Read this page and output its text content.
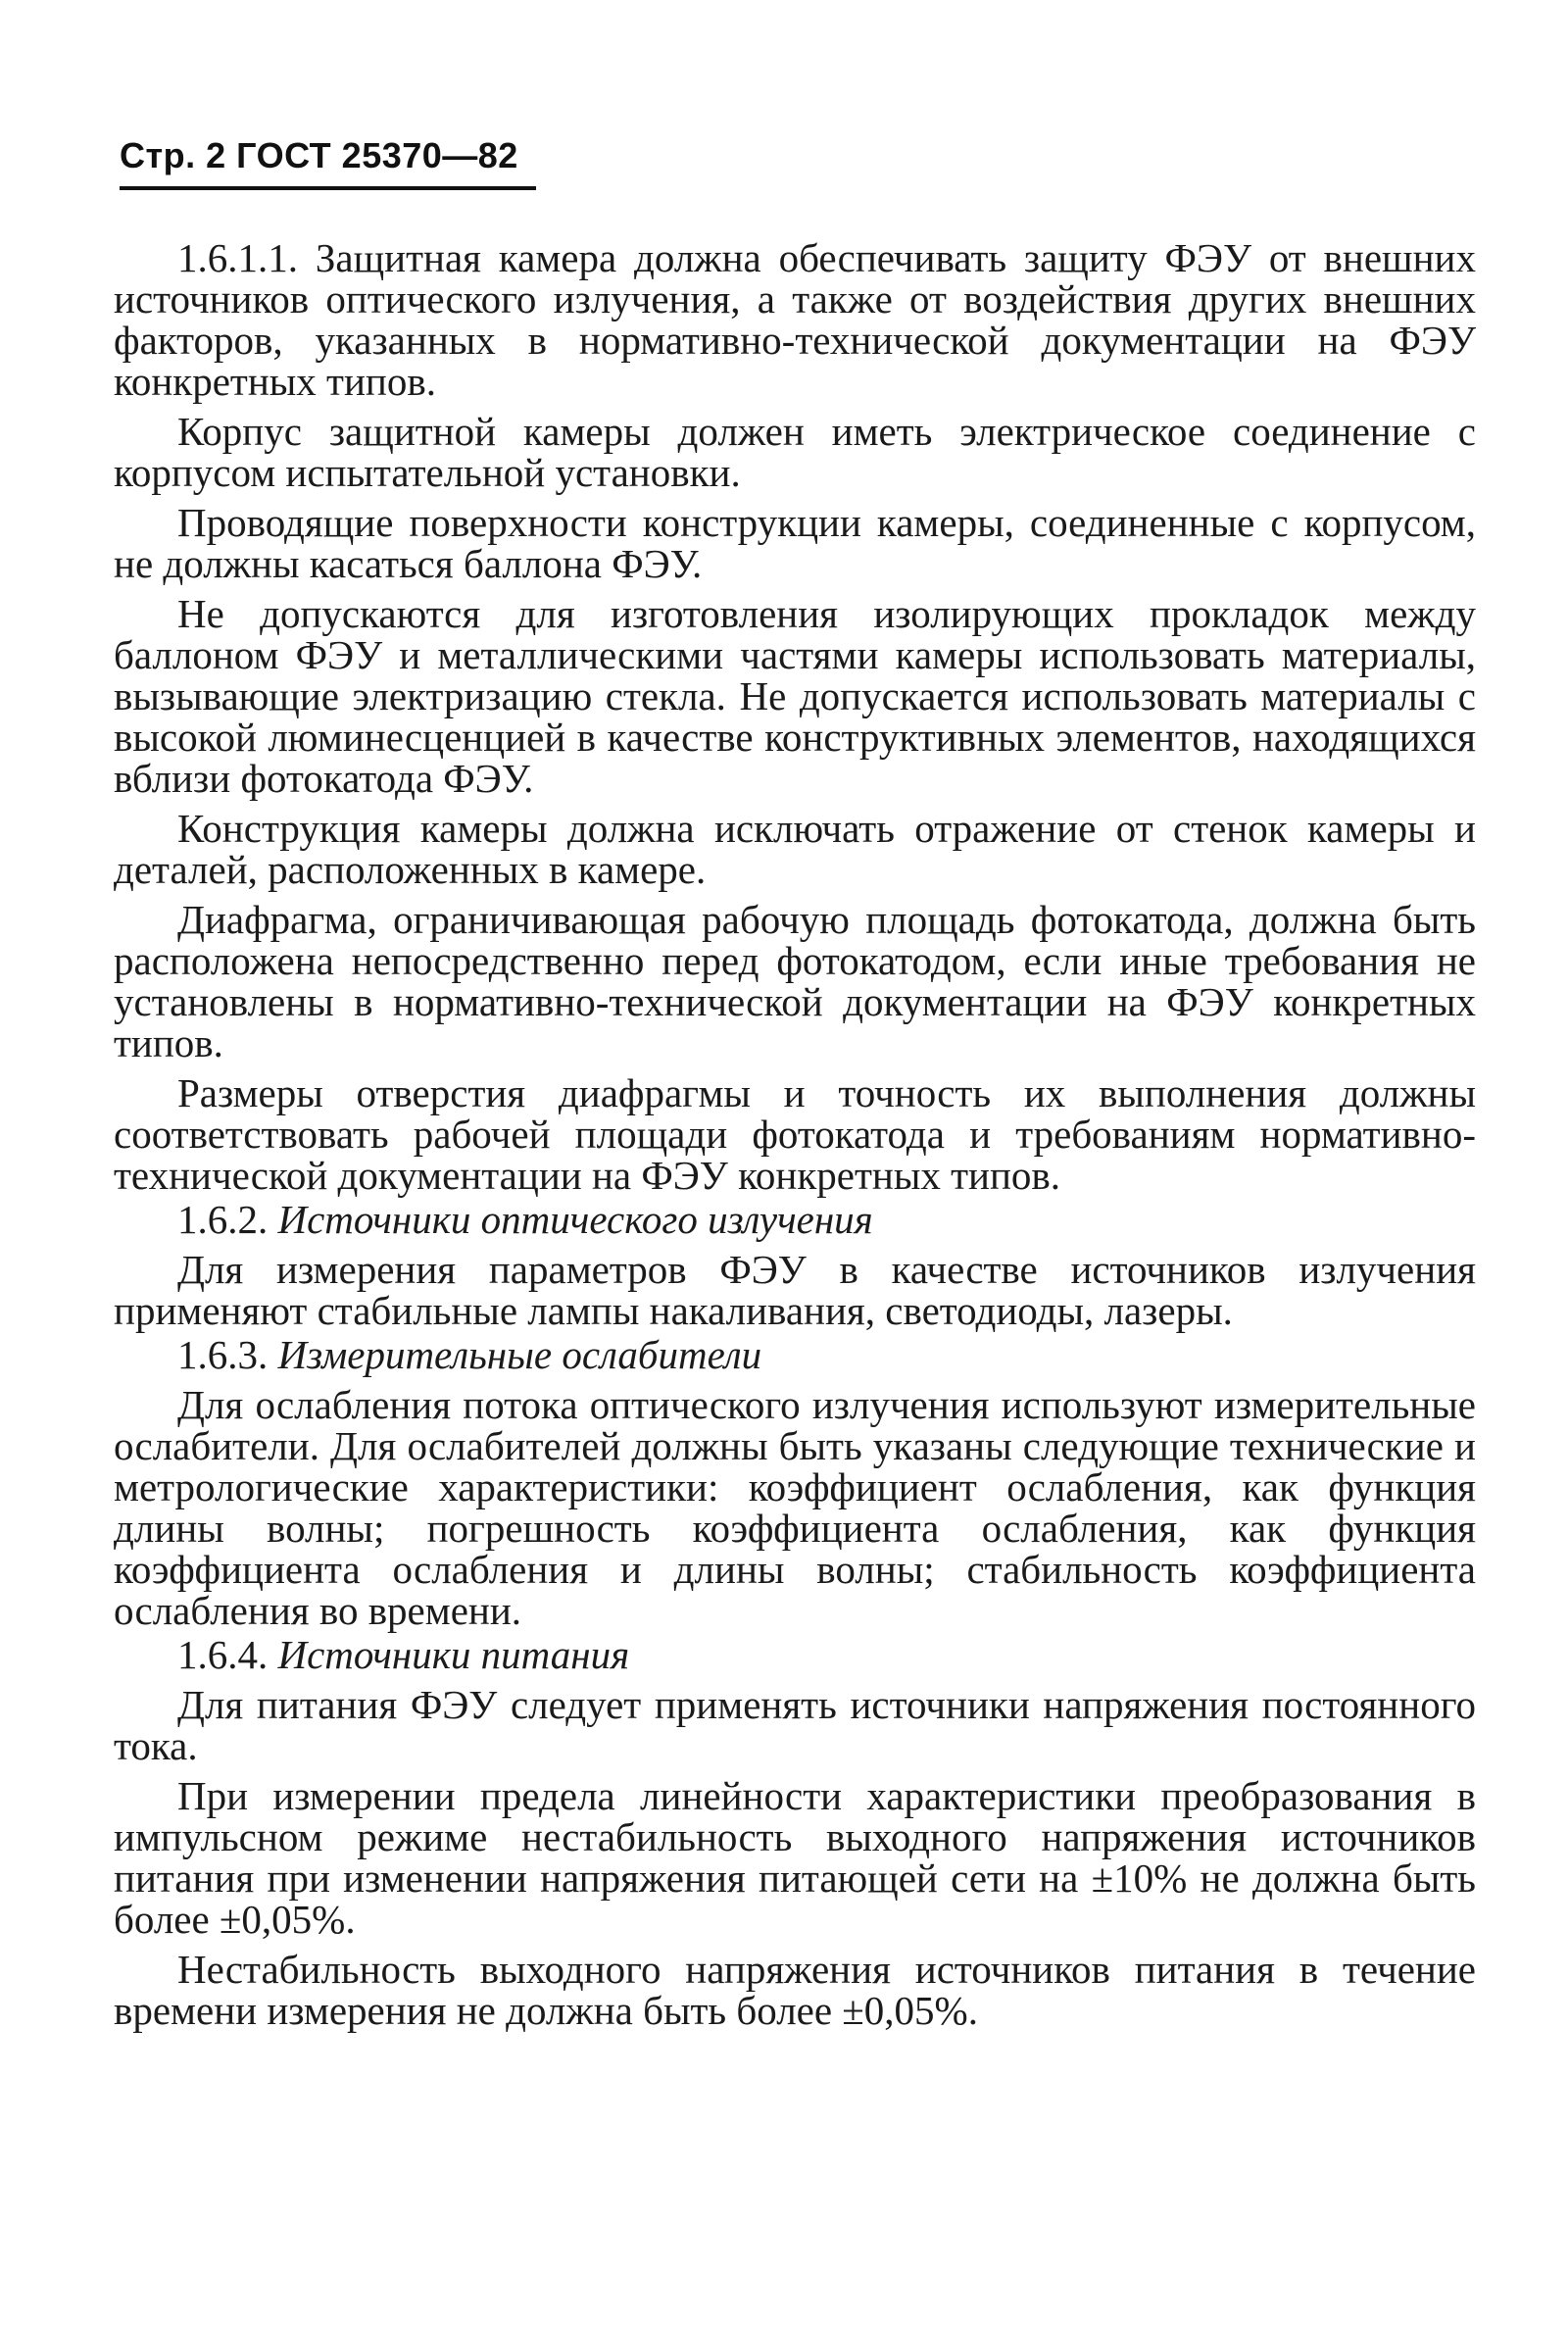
Стр. 2 ГОСТ 25370—82

1.6.1.1. Защитная камера должна обеспечивать защиту ФЭУ от внешних источников оптического излучения, а также от воздействия других внешних факторов, указанных в нормативно-технической документации на ФЭУ конкретных типов.

Корпус защитной камеры должен иметь электрическое соединение с корпусом испытательной установки.

Проводящие поверхности конструкции камеры, соединенные с корпусом, не должны касаться баллона ФЭУ.

Не допускаются для изготовления изолирующих прокладок между баллоном ФЭУ и металлическими частями камеры использовать материалы, вызывающие электризацию стекла. Не допускается использовать материалы с высокой люминесценцией в качестве конструктивных элементов, находящихся вблизи фотокатода ФЭУ.

Конструкция камеры должна исключать отражение от стенок камеры и деталей, расположенных в камере.

Диафрагма, ограничивающая рабочую площадь фотокатода, должна быть расположена непосредственно перед фотокатодом, если иные требования не установлены в нормативно-технической документации на ФЭУ конкретных типов.

Размеры отверстия диафрагмы и точность их выполнения должны соответствовать рабочей площади фотокатода и требованиям нормативно-технической документации на ФЭУ конкретных типов.

1.6.2. Источники оптического излучения

Для измерения параметров ФЭУ в качестве источников излучения применяют стабильные лампы накаливания, светодиоды, лазеры.

1.6.3. Измерительные ослабители

Для ослабления потока оптического излучения используют измерительные ослабители. Для ослабителей должны быть указаны следующие технические и метрологические характеристики: коэффициент ослабления, как функция длины волны; погрешность коэффициента ослабления, как функция коэффициента ослабления и длины волны; стабильность коэффициента ослабления во времени.

1.6.4. Источники питания

Для питания ФЭУ следует применять источники напряжения постоянного тока.

При измерении предела линейности характеристики преобразования в импульсном режиме нестабильность выходного напряжения источников питания при изменении напряжения питающей сети на ±10% не должна быть более ±0,05%.

Нестабильность выходного напряжения источников питания в течение времени измерения не должна быть более ±0,05%.
